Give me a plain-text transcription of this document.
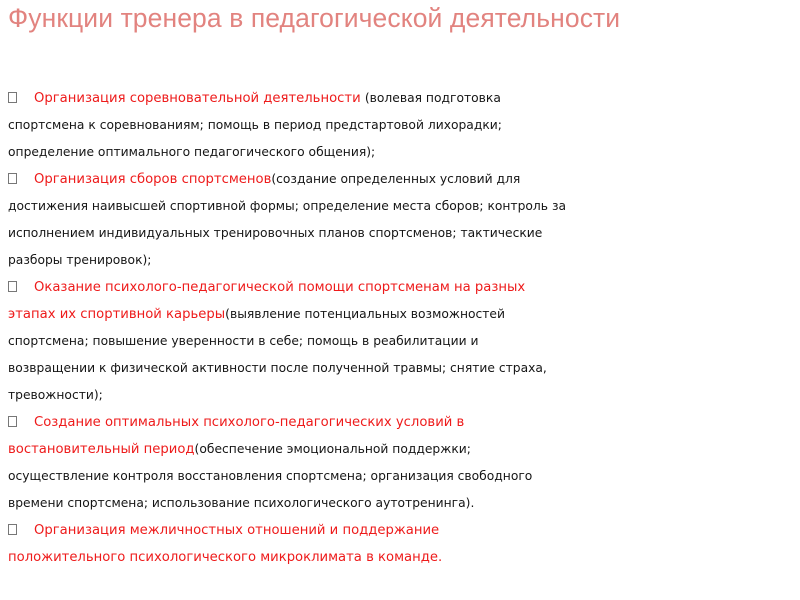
Функции тренера в педагогической деятельности
Организация соревновательной деятельности (волевая подготовка
спортсмена к соревнованиям; помощь в период предстартовой лихорадки;
определение оптимального педагогического общения);
Организация сборов спортсменов(создание определенных условий для
достижения наивысшей спортивной формы; определение места сборов; контроль за
исполнением индивидуальных тренировочных планов спортсменов; тактические
разборы тренировок);
Оказание психолого-педагогической помощи спортсменам на разных
этапах их спортивной карьеры(выявление потенциальных возможностей
спортсмена; повышение уверенности в себе; помощь в реабилитации и
возвращении к физической активности после полученной травмы; снятие страха,
тревожности);
Создание оптимальных психолого-педагогических условий в
востановительный период(обеспечение эмоциональной поддержки;
осуществление контроля восстановления спортсмена; организация свободного
времени спортсмена; использование психологического аутотренинга).
Организация межличностных отношений и поддержание
положительного психологического микроклимата в команде.
